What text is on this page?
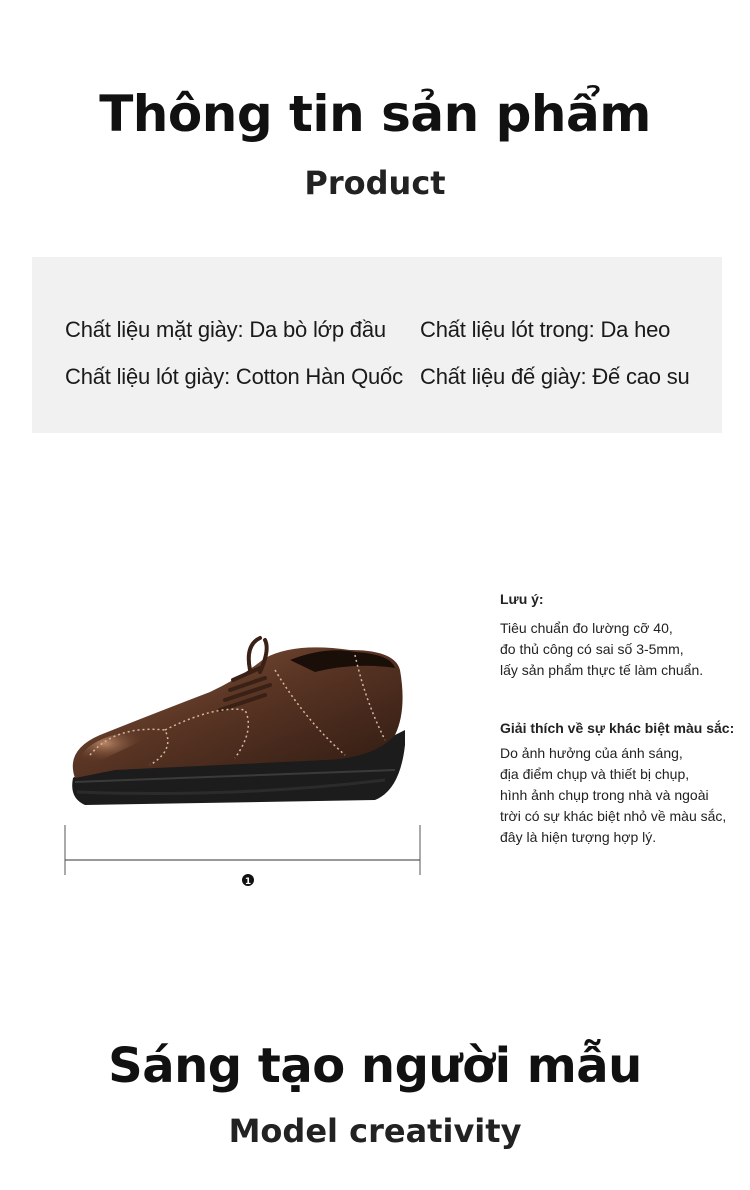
Thông tin sản phẩm
Product
Chất liệu mặt giày : Da bò lớp đầu Chất liệu lót trong : Da heo
Chất liệu lót giày : Cotton Hàn Quốc Chất liệu đế giày : Đế cao su
1
Lưu ý:
Tiêu chuẩn đo lường cỡ 40,
đo thủ công có sai số 3-5mm,
lấy sản phẩm thực tế làm chuẩn.
Giải thích về sự khác biệt màu sắc:
Do ảnh hưởng của ánh sáng,
địa điểm chụp và thiết bị chụp,
hình ảnh chụp trong nhà và ngoài
trời có sự khác biệt nhỏ về màu sắc,
đây là hiện tượng hợp lý.
Sáng tạo người mẫu
Model creativity
